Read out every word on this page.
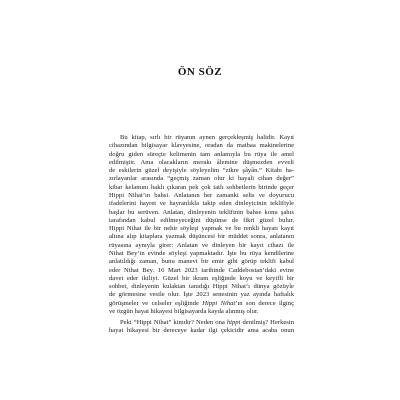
ÖN SÖZ
Bu kitap, sırlı bir rüyanın aynen gerçekleşmiş halidir. Kayıt
cihazından bilgisayar klavyesine, oradan da matbaa makinelerine
doğru giden süreçte kelimenin tam anlamıyla bu rüya ile amel
edilmiştir. Ama olacakların merakı âlemine düşmezden evveli
de eskilerin güzel deyişiyle söyleyelim “zikre şâyân.” Kitabı ha-
zırlayanlar arasında “geçmiş zaman olur ki hayali cihan değer”
kibar kelamını haklı çıkaran pek çok tatlı sohbetlerin birinde geçer
Hippi Nihat’ın bahsi. Anlatanın her zamanki selis ve doyurucu
ifadelerini hayret ve hayranlıkla takip eden dinleyicinin teklifiyle
başlar bu serüven. Anlatan, dinleyenin teklifinin bahse konu şahıs
tarafından kabul edilmeyeceğini düşünse de fikri güzel bulur.
Hippi Nihat ile bir nehir söyleşi yapmak ve bu renkli hayatı kayıt
altına alıp kitaplara yazmak düşüncesi bir müddet sonra, anlatanın
rüyasına aynıyla girer: Anlatan ve dinleyen bir kayıt cihazı ile
Nihat Bey’in evinde söyleşi yapmaktadır. İşte bu rüya kendilerine
anlatıldığı zaman, bunu manevi bir emir gibi görüp teklifi kabul
eder Nihat Bey. 16 Mart 2023 tarihinde Caddebostan’daki evine
davet eder ikiliyi. Güzel bir ikram eşliğinde koyu ve keyifli bir
sohbet, dinleyenin kulaktan tanıdığı Hippi Nihat’ı dünya gözüyle
de görmesine vesile olur. İşte 2023 senesinin yaz ayında haftalık
görüşmeler ve celseler eşliğinde Hippi Nihat’ın son derece ilginç
ve özgün hayat hikayesi bilgisayarda kayda alınmış olur.
Peki “Hippi Nihat” kimdir? Neden ona hippi denilmiş? Herkesin
hayat hikayesi bir dereceye kadar ilgi çekicidir ama acaba onun
